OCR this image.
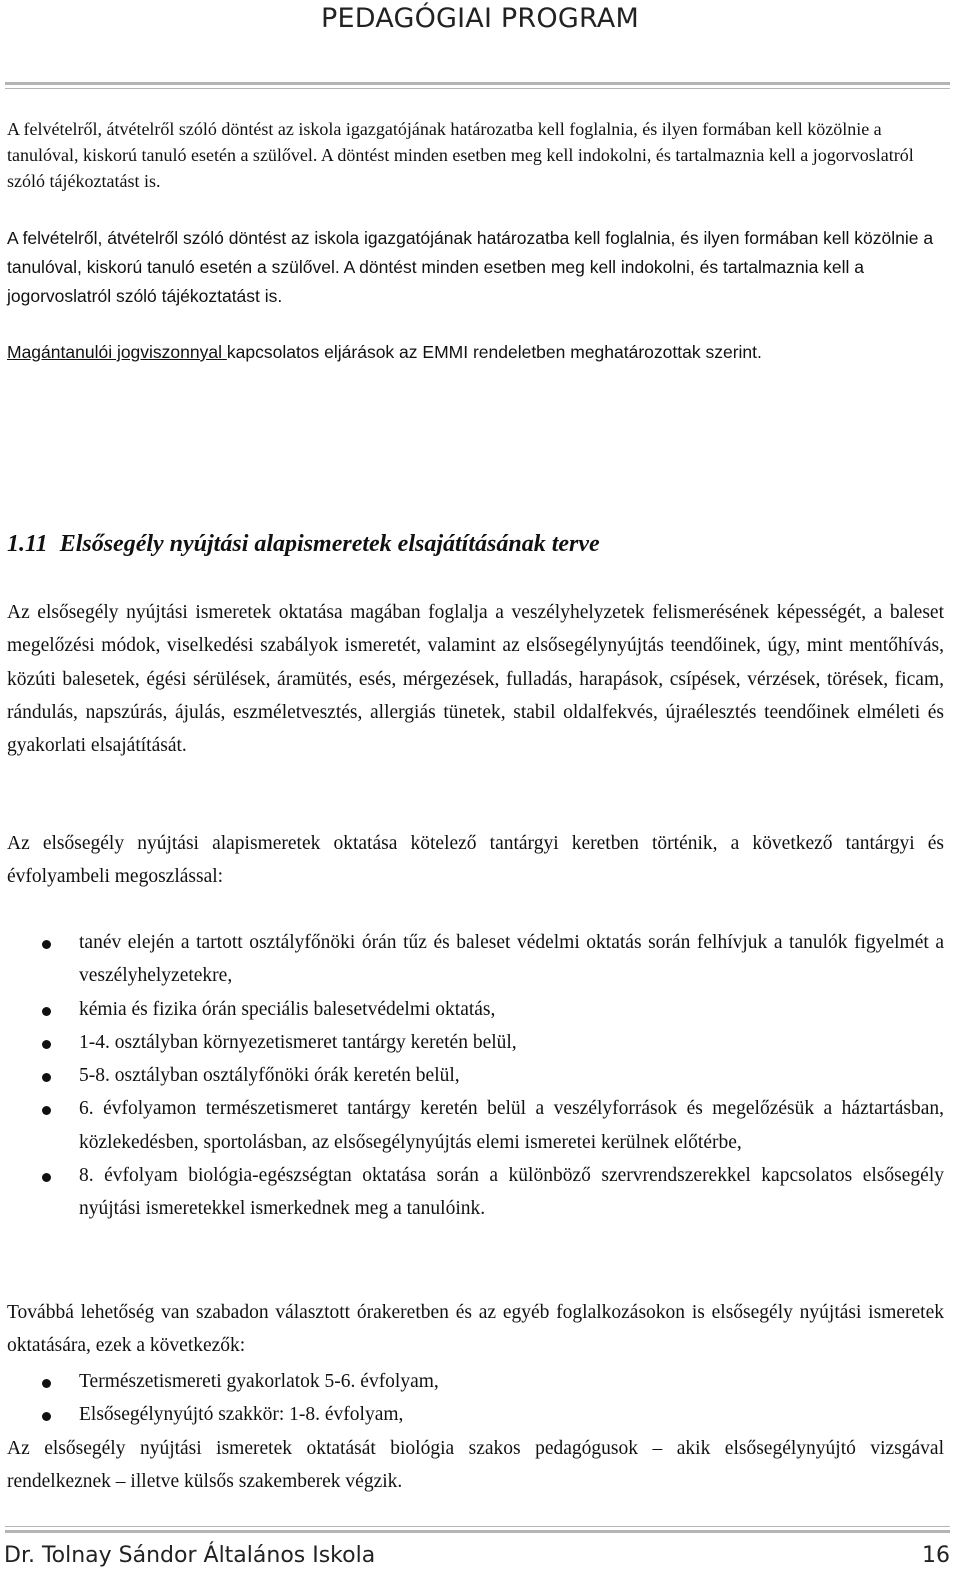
PEDAGÓGIAI PROGRAM

A felvételről, átvételről szóló döntést az iskola igazgatójának határozatba kell foglalnia, és ilyen formában kell közölnie a tanulóval, kiskorú tanuló esetén a szülővel. A döntést minden esetben meg kell indokolni, és tartalmaznia kell a jogorvoslatról szóló tájékoztatást is.

A felvételről, átvételről szóló döntést az iskola igazgatójának határozatba kell foglalnia, és ilyen formában kell közölnie a tanulóval, kiskorú tanuló esetén a szülővel. A döntést minden esetben meg kell indokolni, és tartalmaznia kell a jogorvoslatról szóló tájékoztatást is.

Magántanulói jogviszonnyal kapcsolatos eljárások az EMMI rendeletben meghatározottak szerint.

1.11 Elsősegély nyújtási alapismeretek elsajátításának terve

Az elsősegély nyújtási ismeretek oktatása magában foglalja a veszélyhelyzetek felismerésének képességét, a baleset megelőzési módok, viselkedési szabályok ismeretét, valamint az elsősegélynyújtás teendőinek, úgy, mint mentőhívás, közúti balesetek, égési sérülések, áramütés, esés, mérgezések, fulladás, harapások, csípések, vérzések, törések, ficam, rándulás, napszúrás, ájulás, eszméletvesztés, allergiás tünetek, stabil oldalfekvés, újraélesztés teendőinek elméleti és gyakorlati elsajátítását.

Az elsősegély nyújtási alapismeretek oktatása kötelező tantárgyi keretben történik, a következő tantárgyi és évfolyambeli megoszlással:

tanév elején a tartott osztályfőnöki órán tűz és baleset védelmi oktatás során felhívjuk a tanulók figyelmét a veszélyhelyzetekre,
kémia és fizika órán speciális balesetvédelmi oktatás,
1-4. osztályban környezetismeret tantárgy keretén belül,
5-8. osztályban osztályfőnöki órák keretén belül,
6. évfolyamon természetismeret tantárgy keretén belül a veszélyforrások és megelőzésük a háztartásban, közlekedésben, sportolásban, az elsősegélynyújtás elemi ismeretei kerülnek előtérbe,
8. évfolyam biológia-egészségtan oktatása során a különböző szervrendszerekkel kapcsolatos elsősegély nyújtási ismeretekkel ismerkednek meg a tanulóink.

Továbbá lehetőség van szabadon választott órakeretben és az egyéb foglalkozásokon is elsősegély nyújtási ismeretek oktatására, ezek a következők:

Természetismereti gyakorlatok 5-6. évfolyam,
Elsősegélynyújtó szakkör: 1-8. évfolyam,

Az elsősegély nyújtási ismeretek oktatását biológia szakos pedagógusok – akik elsősegélynyújtó vizsgával rendelkeznek – illetve külsős szakemberek végzik.

Dr. Tolnay Sándor Általános Iskola	16
